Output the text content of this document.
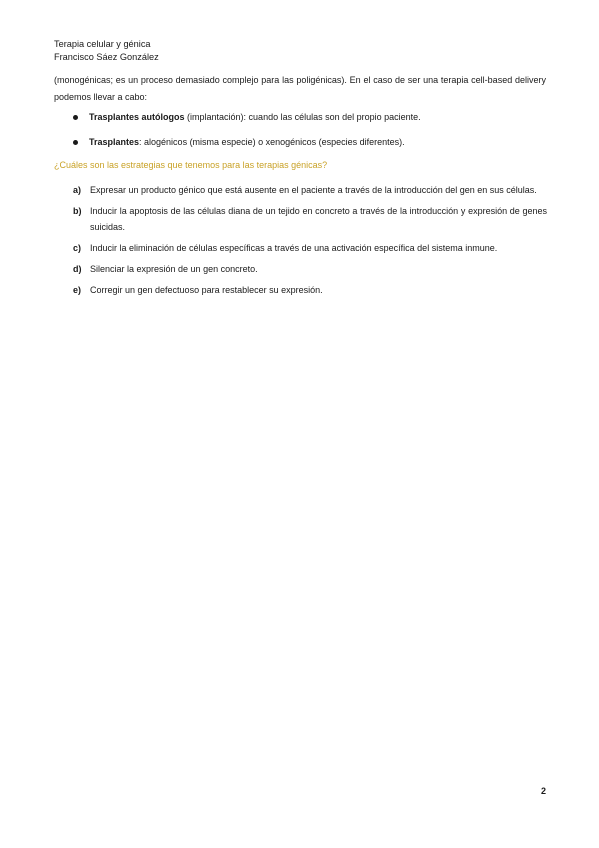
Terapia celular y génica
Francisco Sáez González
(monogénicas; es un proceso demasiado complejo para las poligénicas). En el caso de ser una terapia cell-based delivery podemos llevar a cabo:
Trasplantes autólogos (implantación): cuando las células son del propio paciente.
Trasplantes: alogénicos (misma especie) o xenogénicos (especies diferentes).
¿Cuáles son las estrategias que tenemos para las terapias génicas?
a) Expresar un producto génico que está ausente en el paciente a través de la introducción del gen en sus células.
b) Inducir la apoptosis de las células diana de un tejido en concreto a través de la introducción y expresión de genes suicidas.
c) Inducir la eliminación de células específicas a través de una activación específica del sistema inmune.
d) Silenciar la expresión de un gen concreto.
e) Corregir un gen defectuoso para restablecer su expresión.
2
